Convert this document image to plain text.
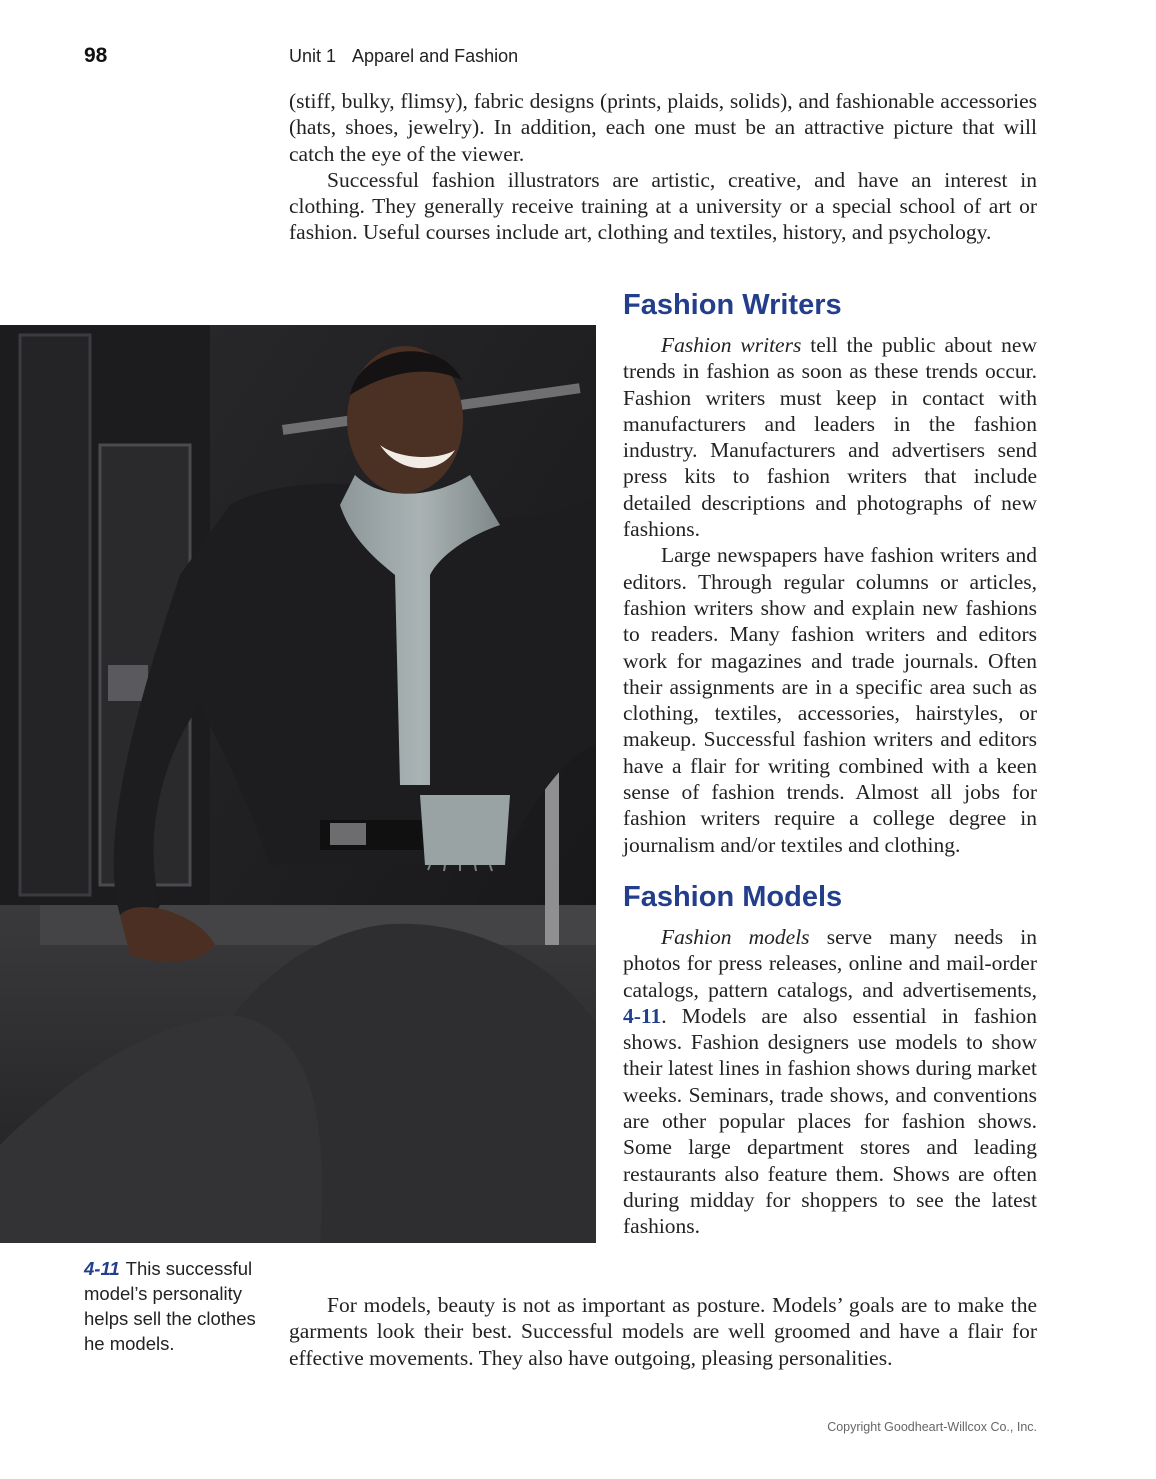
98	Unit 1 Apparel and Fashion

(stiff, bulky, flimsy), fabric designs (prints, plaids, solids), and fashionable accessories (hats, shoes, jewelry). In addition, each one must be an attractive picture that will catch the eye of the viewer.

Successful fashion illustrators are artistic, creative, and have an interest in clothing. They generally receive training at a university or a special school of art or fashion. Useful courses include art, clothing and textiles, history, and psychology.

Fashion Writers

Fashion writers tell the public about new trends in fashion as soon as these trends occur. Fashion writers must keep in contact with manufacturers and leaders in the fashion industry. Manufacturers and advertisers send press kits to fashion writers that include detailed descriptions and photographs of new fashions.

Large newspapers have fashion writers and editors. Through regular columns or articles, fashion writers show and explain new fashions to readers. Many fashion writers and editors work for magazines and trade journals. Often their assignments are in a specific area such as clothing, textiles, accessories, hairstyles, or makeup. Successful fashion writers and editors have a flair for writing combined with a keen sense of fashion trends. Almost all jobs for fashion writers require a college degree in journalism and/or textiles and clothing.

Fashion Models

Fashion models serve many needs in photos for press releases, online and mail-order catalogs, pattern catalogs, and advertisements, 4-11. Models are also essential in fashion shows. Fashion designers use models to show their latest lines in fashion shows during market weeks. Seminars, trade shows, and conventions are other popular places for fashion shows. Some large department stores and leading restaurants also feature them. Shows are often during midday for shoppers to see the latest fashions.

4-11 This successful model’s personality helps sell the clothes he models.

For models, beauty is not as important as posture. Models’ goals are to make the garments look their best. Successful models are well groomed and have a flair for effective movements. They also have outgoing, pleasing personalities.

Copyright Goodheart-Willcox Co., Inc.
